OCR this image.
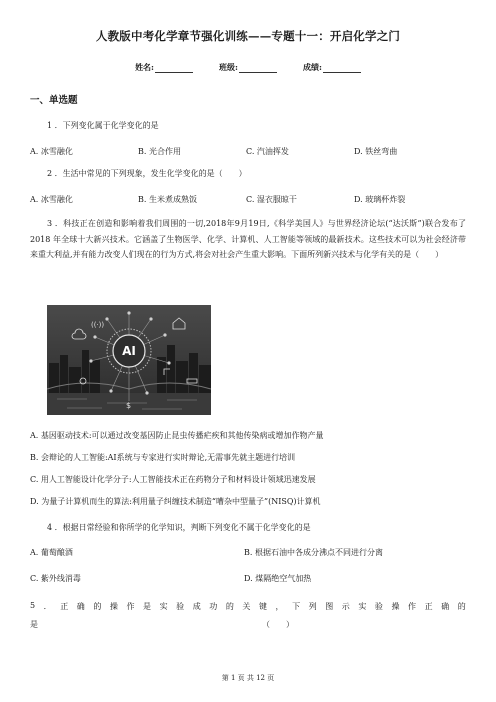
人教版中考化学章节强化训练——专题十一：开启化学之门
姓名:	班级:	成绩:
一、单选题
1 ．下列变化属于化学变化的是
A. 冰雪融化	B. 光合作用	C. 汽油挥发	D. 铁丝弯曲
2 ．生活中常见的下列现象，发生化学变化的是（　　）
A. 冰雪融化	B. 生米煮成熟饭	C. 湿衣服晾干	D. 玻璃杯炸裂
3 ．科技正在创造和影响着我们周围的一切,2018年9月19日,《科学美国人》与世界经济论坛(“达沃斯”)联合发布了 2018 年全球十大新兴技术。它涵盖了生物医学、化学、计算机、人工智能等领域的最新技术。这些技术可以为社会经济带来重大利益,并有能力改变人们现在的行为方式,将会对社会产生重大影响。下面所列新兴技术与化学有关的是（　　）
((·))
$
AI
A. 基因驱动技术:可以通过改变基因防止昆虫传播疟疾和其他传染病或增加作物产量
B. 会辩论的人工智能:AI系统与专家进行实时辩论,无需事先就主题进行培训
C. 用人工智能设计化学分子:人工智能技术正在药物分子和材料设计领域迅速发展
D. 为量子计算机而生的算法:利用量子纠缠技术制造“嘈杂中型量子”(NISQ)计算机
4 ．根据日常经验和你所学的化学知识，判断下列变化不属于化学变化的是
A. 葡萄酿酒	B. 根据石油中各成分沸点不同进行分离
C. 紫外线消毒	D. 煤隔绝空气加热
5 ． 正 确 的 操 作 是 实 验 成 功 的 关 键 ， 下 列 图 示 实 验 操 作 正 确 的
是	（　　）
第 1 页 共 12 页
